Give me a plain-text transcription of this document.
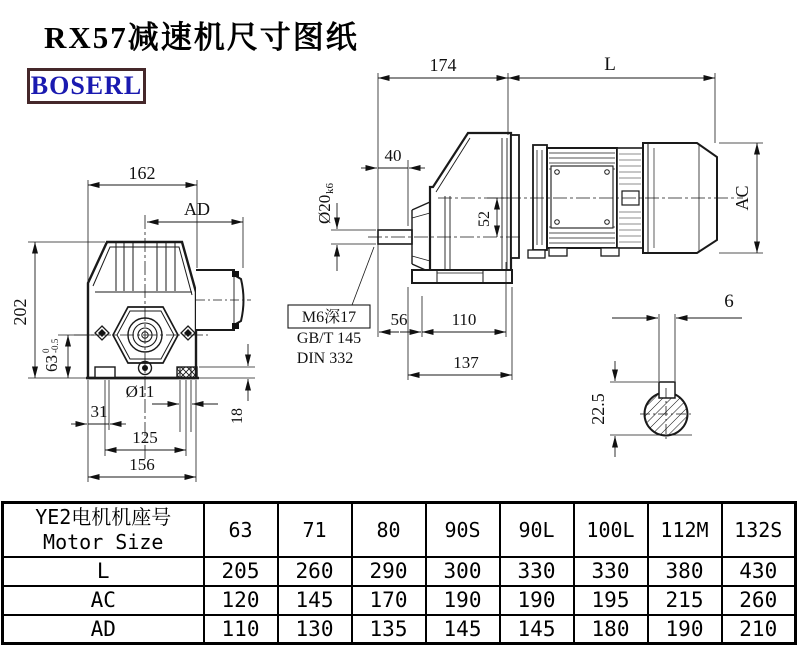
RX57减速机尺寸图纸
BOSERL
162
AD
202
63
0 -0.5
Ø11
31
125
156
18
174	L
40
Ø20
k6
52
AC
56	110
137
M6深17
GB/T 145
DIN 332
6
22.5
YE2电机机座号
Motor Size	63	71	80	90S	90L	100L	112M	132S
L	205	260	290	300	330	330	380	430
AC	120	145	170	190	190	195	215	260
AD	110	130	135	145	145	180	190	210
